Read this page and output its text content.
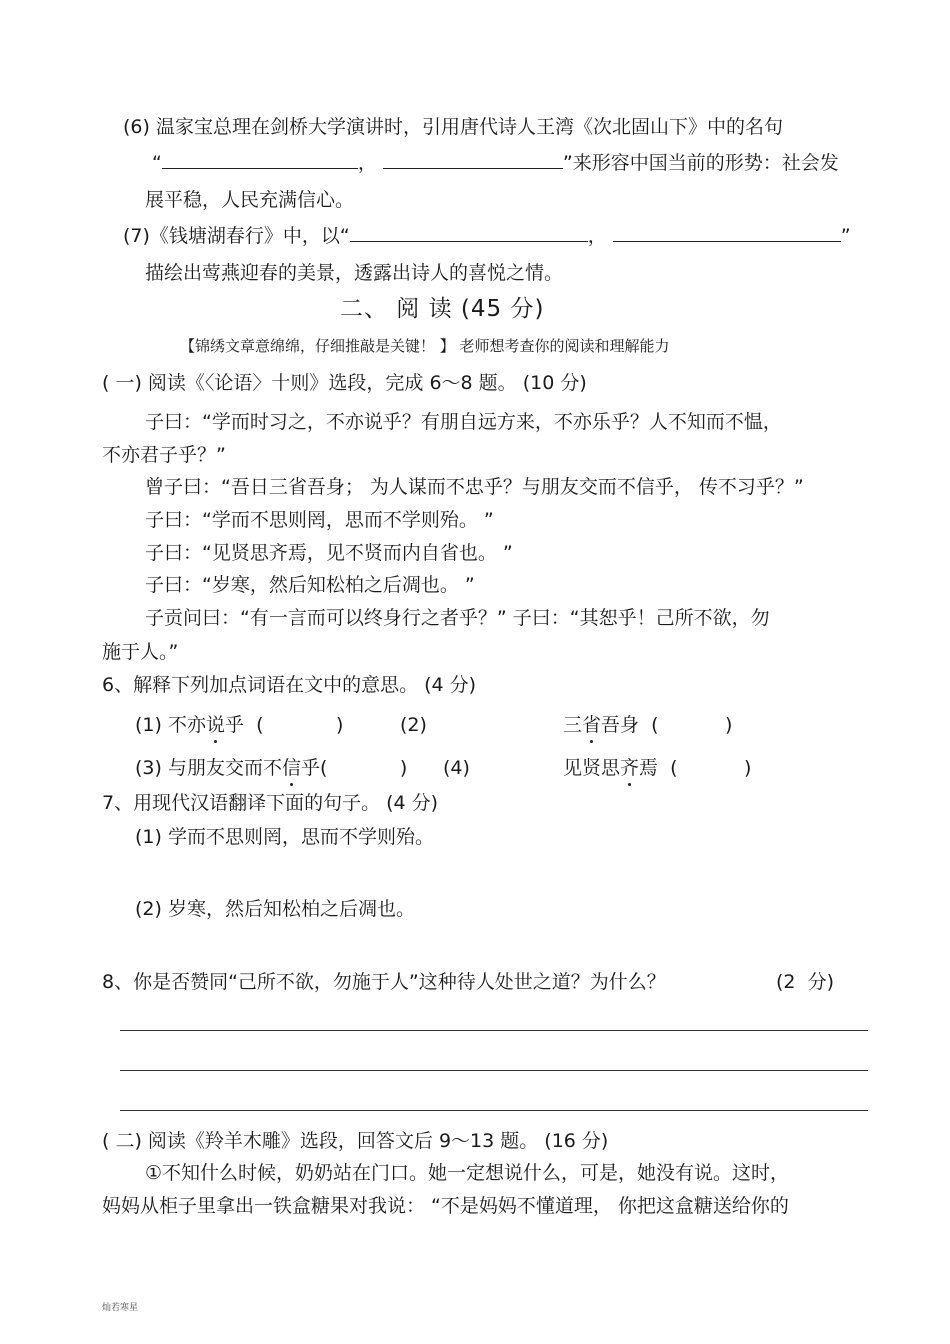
(6) 温家宝总理在剑桥大学演讲时，引用唐代诗人王湾《次北固山下》中的名句
“	，	”来形容中国当前的形势：社会发
展平稳，人民充满信心。
(7)《钱塘湖春行》中，以“	，	”
描绘出莺燕迎春的美景，透露出诗人的喜悦之情。
二、 阅 读 (45 分)
【锦绣文章意绵绵，仔细推敲是关键！ 】 老师想考查你的阅读和理解能力
( 一) 阅读《〈论语〉十则》选段，完成 6～8 题。 (10 分)
子曰：“学而时习之，不亦说乎？有朋自远方来，不亦乐乎？人不知而不愠，
不亦君子乎？”
曾子曰：“吾日三省吾身； 为人谋而不忠乎？与朋友交而不信乎， 传不习乎？”
子曰：“学而不思则罔，思而不学则殆。 ”
子曰：“见贤思齐焉，见不贤而内自省也。 ”
子曰：“岁寒，然后知松柏之后凋也。 ”
子贡问曰：“有一言而可以终身行之者乎？” 子曰：“其恕乎！己所不欲，勿
施于人。”
6、解释下列加点词语在文中的意思。 (4 分)
(1) 不亦说乎  (            )	(2)	三省吾身  (           )
(3) 与朋友交而不信乎(            ) (4)	见贤思齐焉  (           )
7、用现代汉语翻译下面的句子。 (4 分)
(1) 学而不思则罔，思而不学则殆。
(2) 岁寒，然后知松柏之后凋也。
8、你是否赞同“己所不欲，勿施于人”这种待人处世之道？为什么？	(2  分)
( 二) 阅读《羚羊木雕》选段，回答文后 9～13 题。 (16 分)
①不知什么时候，奶奶站在门口。她一定想说什么，可是，她没有说。这时，
妈妈从柜子里拿出一铁盒糖果对我说： “不是妈妈不懂道理， 你把这盒糖送给你的
灿若寒星
